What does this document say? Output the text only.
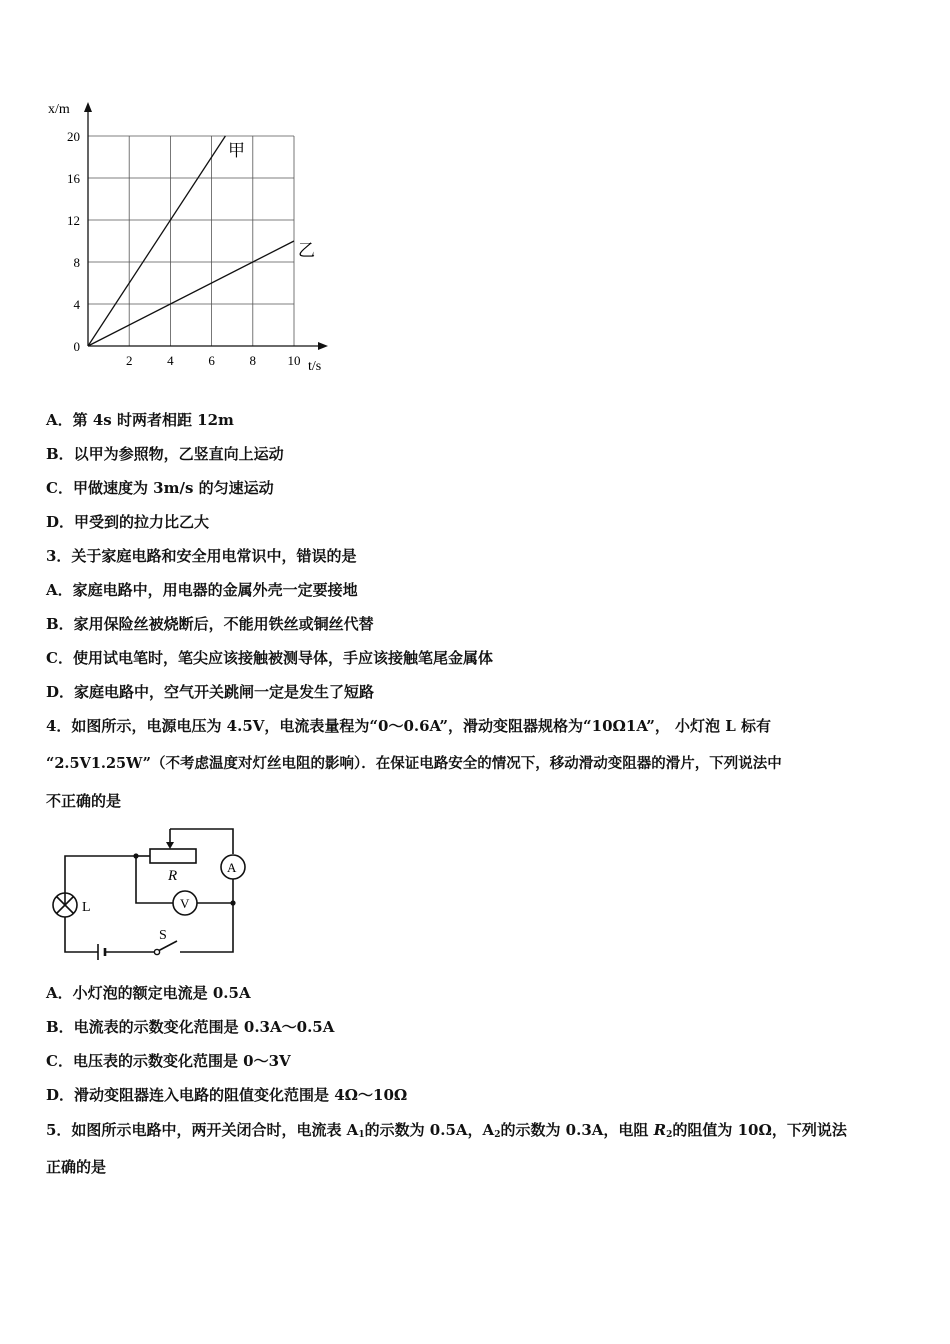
2	4	6	8 10
0
4
8
12
16
20
x/m
t/s
甲
乙
A．第 4s 时两者相距 12m
B．以甲为参照物，乙竖直向上运动
C．甲做速度为 3m/s 的匀速运动
D．甲受到的拉力比乙大
3．关于家庭电路和安全用电常识中，错误的是
A．家庭电路中，用电器的金属外壳一定要接地
B．家用保险丝被烧断后，不能用铁丝或铜丝代替
C．使用试电笔时，笔尖应该接触被测导体，手应该接触笔尾金属体
D．家庭电路中，空气开关跳闸一定是发生了短路
4．如图所示，电源电压为 4.5V，电流表量程为“0～0.6A”，滑动变阻器规格为“10Ω1A”， 小灯泡 L 标有
“2.5V1.25W”（不考虑温度对灯丝电阻的影响）．在保证电路安全的情况下，移动滑动变阻器的滑片，下列说法中
不正确的是
R
A
V
L
S
A．小灯泡的额定电流是 0.5A
B．电流表的示数变化范围是 0.3A～0.5A
C．电压表的示数变化范围是 0～3V
D．滑动变阻器连入电路的阻值变化范围是 4Ω～10Ω
5．如图所示电路中，两开关闭合时，电流表 $A_1$的示数为 0.5A，$A_2$的示数为 0.3A，电阻 $R_2$的阻值为 10Ω，下列说法
正确的是
